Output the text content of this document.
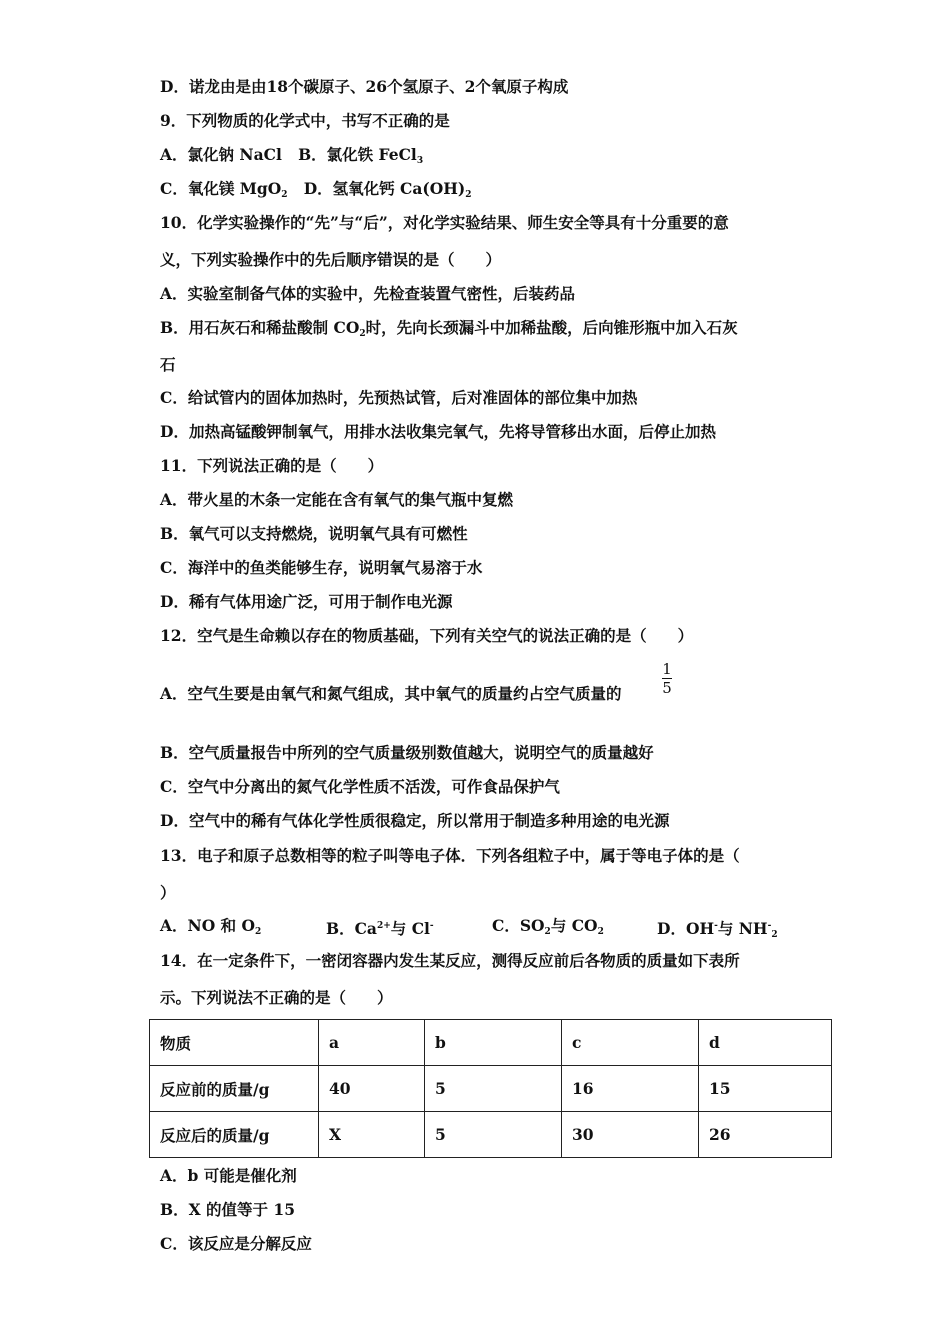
D．诺龙由是由18个碳原子、26个氢原子、2个氧原子构成
9．下列物质的化学式中，书写不正确的是
A．氯化钠 NaCl B．氯化铁 FeCl$_3$
C．氧化镁 MgO$_2$ D．氢氧化钙 $Ca(OH)_2$
10．化学实验操作的“先”与“后”，对化学实验结果、师生安全等具有十分重要的意
义，下列实验操作中的先后顺序错误的是（　　）
A．实验室制备气体的实验中，先检查装置气密性，后装药品
B．用石灰石和稀盐酸制 $CO_2$时，先向长颈漏斗中加稀盐酸，后向锥形瓶中加入石灰
石
C．给试管内的固体加热时，先预热试管，后对准固体的部位集中加热
D．加热高锰酸钾制氧气，用排水法收集完氧气，先将导管移出水面，后停止加热
11．下列说法正确的是（　　）
A．带火星的木条一定能在含有氧气的集气瓶中复燃
B．氧气可以支持燃烧，说明氧气具有可燃性
C．海洋中的鱼类能够生存，说明氧气易溶于水
D．稀有气体用途广泛，可用于制作电光源
12．空气是生命赖以存在的物质基础，下列有关空气的说法正确的是（　　）
A．空气生要是由氧气和氮气组成，其中氧气的质量约占空气质量的	$\frac{1}{5}$
B．空气质量报告中所列的空气质量级别数值越大，说明空气的质量越好
C．空气中分离出的氮气化学性质不活泼，可作食品保护气
D．空气中的稀有气体化学性质很稳定，所以常用于制造多种用途的电光源
13．电子和原子总数相等的粒子叫等电子体．下列各组粒子中，属于等电子体的是（
）
A．NO 和 $O_2$	B．$Ca^{2+}$与 Cl-	C．$SO_2$与 $CO_2$	D．OH-与 $NH^-_2$
14．在一定条件下，一密闭容器内发生某反应，测得反应前后各物质的质量如下表所
示。下列说法不正确的是（　　）
物质	a	b	c	d
反应前的质量/g	40	5	16	15
反应后的质量/g	X	5	30	26
A．b 可能是催化剂
B．X 的值等于 15
C．该反应是分解反应
